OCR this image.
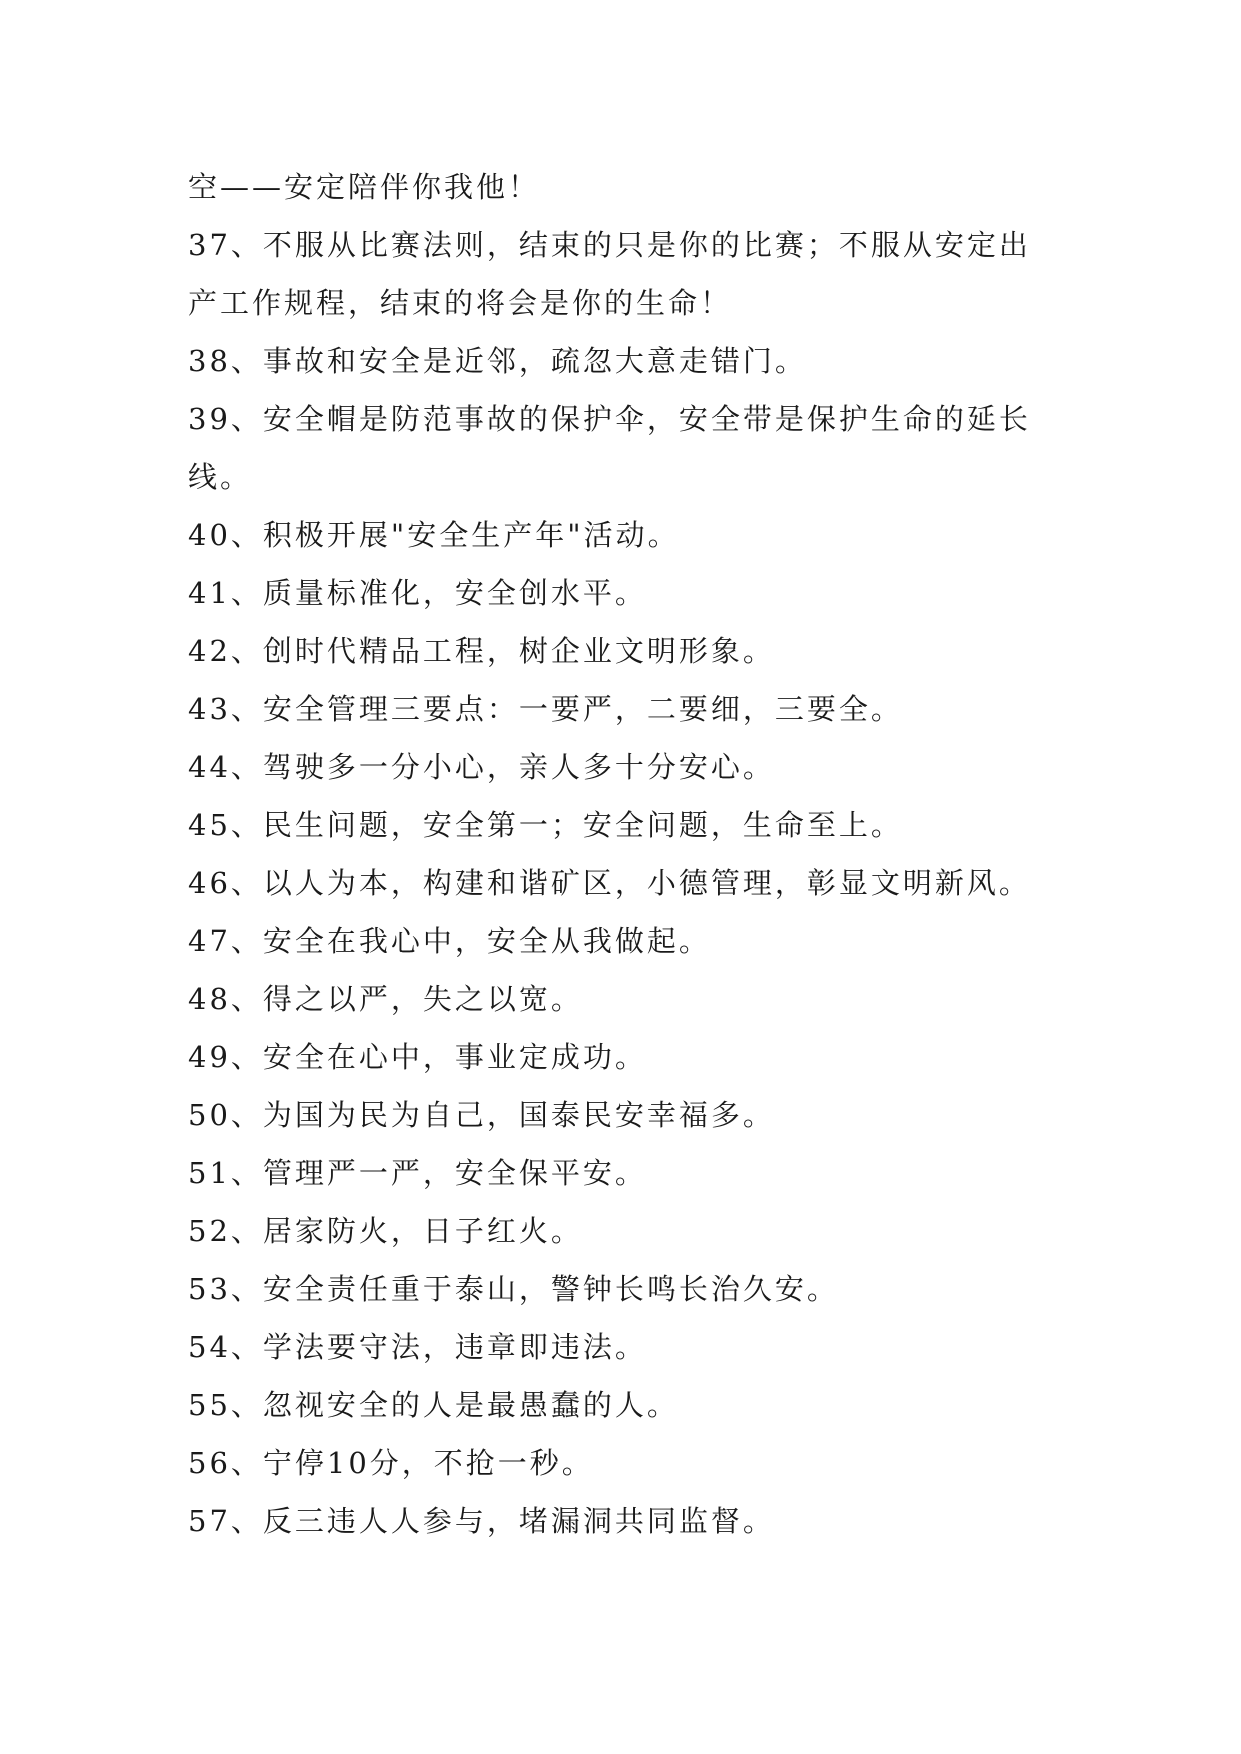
空——安定陪伴你我他！
37、不服从比赛法则，结束的只是你的比赛；不服从安定出
产工作规程，结束的将会是你的生命！
38、事故和安全是近邻，疏忽大意走错门。
39、安全帽是防范事故的保护伞，安全带是保护生命的延长
线。
40、积极开展"安全生产年"活动。
41、质量标准化，安全创水平。
42、创时代精品工程，树企业文明形象。
43、安全管理三要点：一要严，二要细，三要全。
44、驾驶多一分小心，亲人多十分安心。
45、民生问题，安全第一；安全问题，生命至上。
46、以人为本，构建和谐矿区，小德管理，彰显文明新风。
47、安全在我心中，安全从我做起。
48、得之以严，失之以宽。
49、安全在心中，事业定成功。
50、为国为民为自己，国泰民安幸福多。
51、管理严一严，安全保平安。
52、居家防火，日子红火。
53、安全责任重于泰山，警钟长鸣长治久安。
54、学法要守法，违章即违法。
55、忽视安全的人是最愚蠢的人。
56、宁停10分，不抢一秒。
57、反三违人人参与，堵漏洞共同监督。
